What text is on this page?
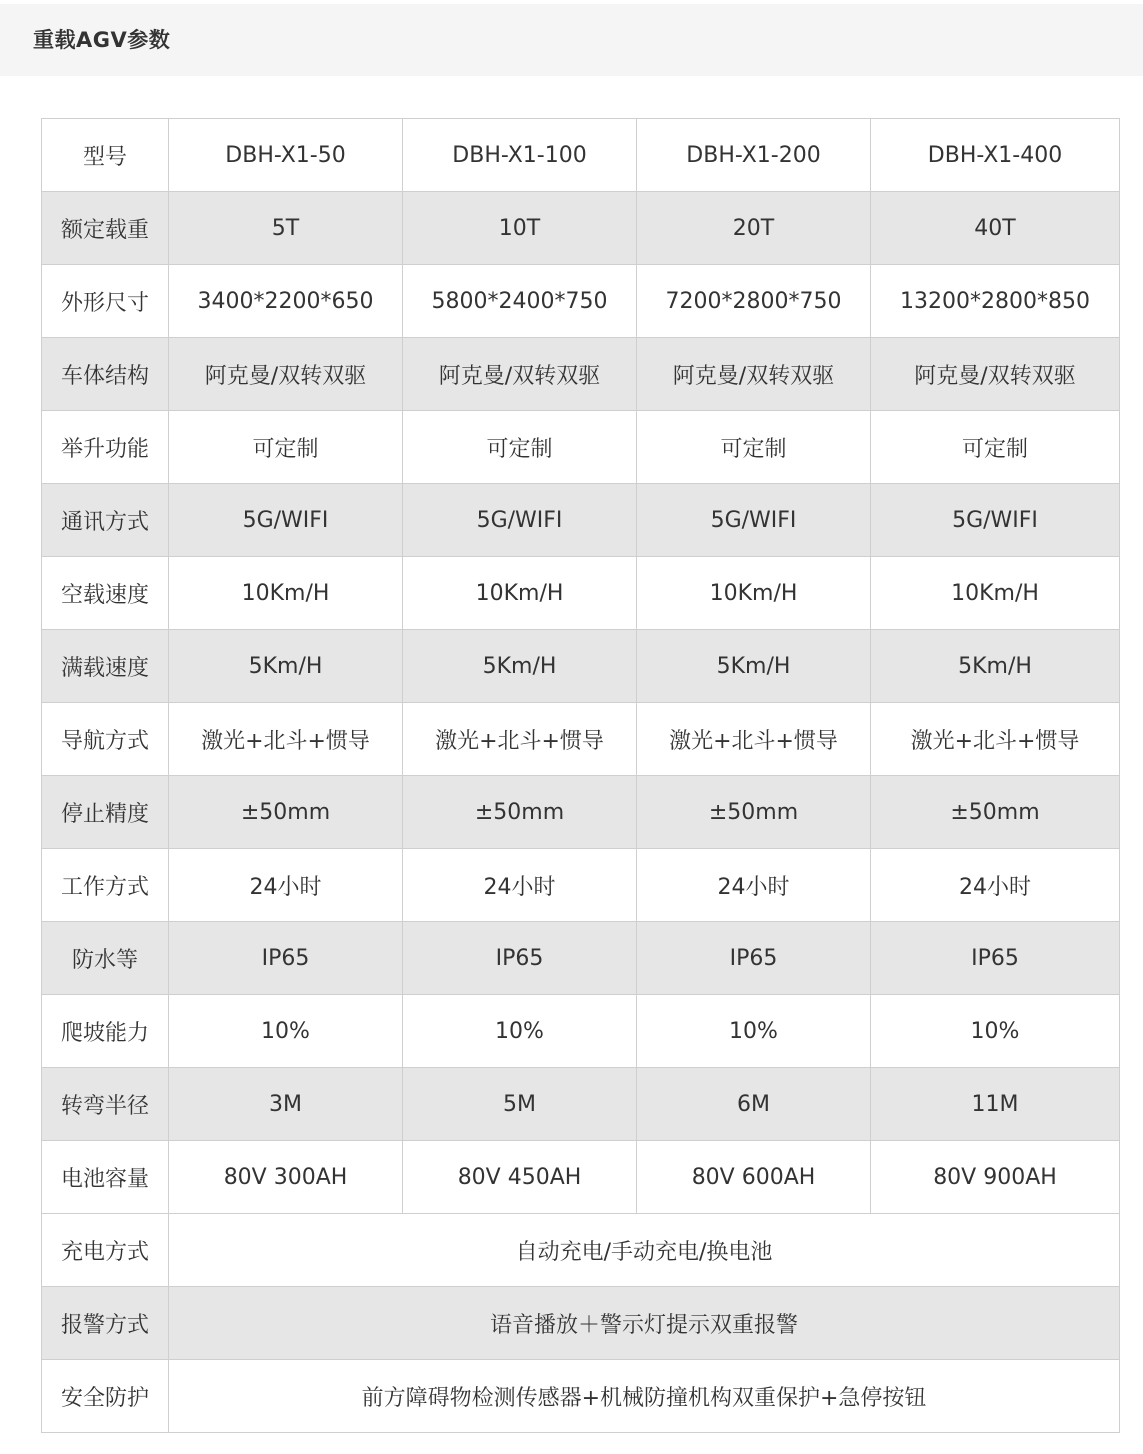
重载AGV参数
型号	DBH-X1-50	DBH-X1-100	DBH-X1-200	DBH-X1-400
额定载重	5T	10T	20T	40T
外形尺寸	3400*2200*650	5800*2400*750	7200*2800*750	13200*2800*850
车体结构	阿克曼/双转双驱	阿克曼/双转双驱	阿克曼/双转双驱	阿克曼/双转双驱
举升功能	可定制	可定制	可定制	可定制
通讯方式	5G/WIFI	5G/WIFI	5G/WIFI	5G/WIFI
空载速度	10Km/H	10Km/H	10Km/H	10Km/H
满载速度	5Km/H	5Km/H	5Km/H	5Km/H
导航方式	激光+北斗+惯导	激光+北斗+惯导	激光+北斗+惯导	激光+北斗+惯导
停止精度	±50mm	±50mm	±50mm	±50mm
工作方式	24小时	24小时	24小时	24小时
防水等	IP65	IP65	IP65	IP65
爬坡能力	10%	10%	10%	10%
转弯半径	3M	5M	6M	11M
电池容量	80V 300AH	80V 450AH	80V 600AH	80V 900AH
充电方式	自动充电/手动充电/换电池			
报警方式	语音播放＋警示灯提示双重报警			
安全防护	前方障碍物检测传感器+机械防撞机构双重保护+急停按钮			
